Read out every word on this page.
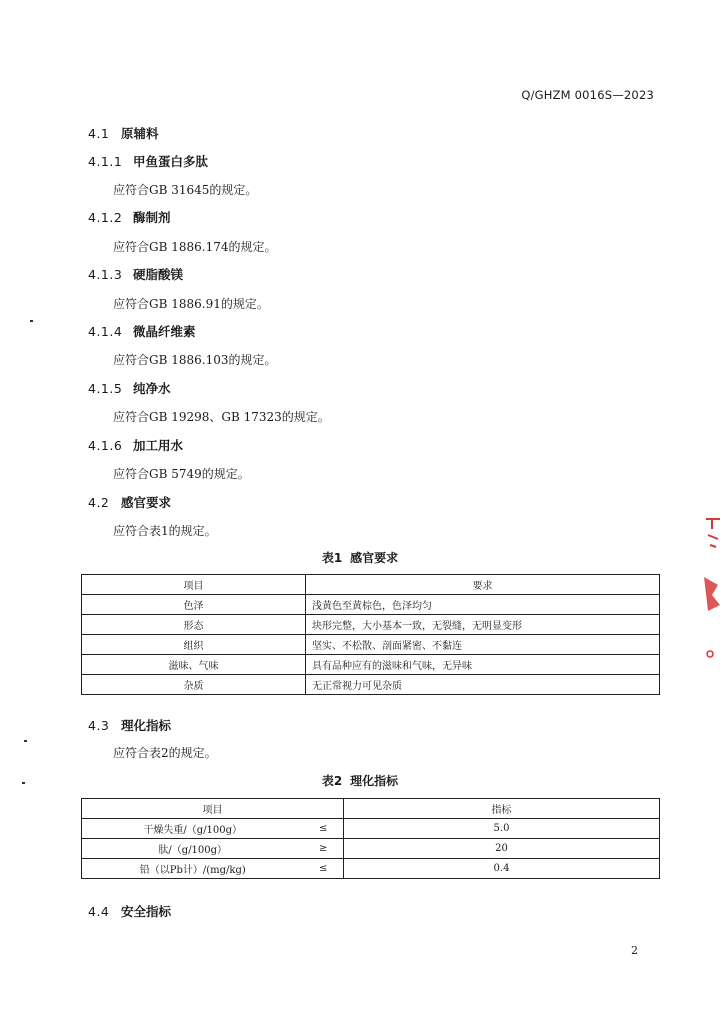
Q/GHZM 0016S—2023
4.1 原辅料
4.1.1 甲鱼蛋白多肽
应符合GB 31645的规定。
4.1.2 酶制剂
应符合GB 1886.174的规定。
4.1.3 硬脂酸镁
应符合GB 1886.91的规定。
4.1.4 微晶纤维素
应符合GB 1886.103的规定。
4.1.5 纯净水
应符合GB 19298、GB 17323的规定。
4.1.6 加工用水
应符合GB 5749的规定。
4.2 感官要求
应符合表1的规定。
表1 感官要求
项目	要求
色泽	浅黄色至黄棕色，色泽均匀
形态	块形完整，大小基本一致，无裂缝，无明显变形
组织	坚实、不松散、剖面紧密、不黏连
滋味、气味	具有品种应有的滋味和气味，无异味
杂质	无正常视力可见杂质
4.3 理化指标
应符合表2的规定。
表2 理化指标
项目		指标
干燥失重/（g/100g）	≤	5.0
肽/（g/100g）	≥	20
铅（以Pb计）/(mg/kg)	≤	0.4
4.4 安全指标
2
